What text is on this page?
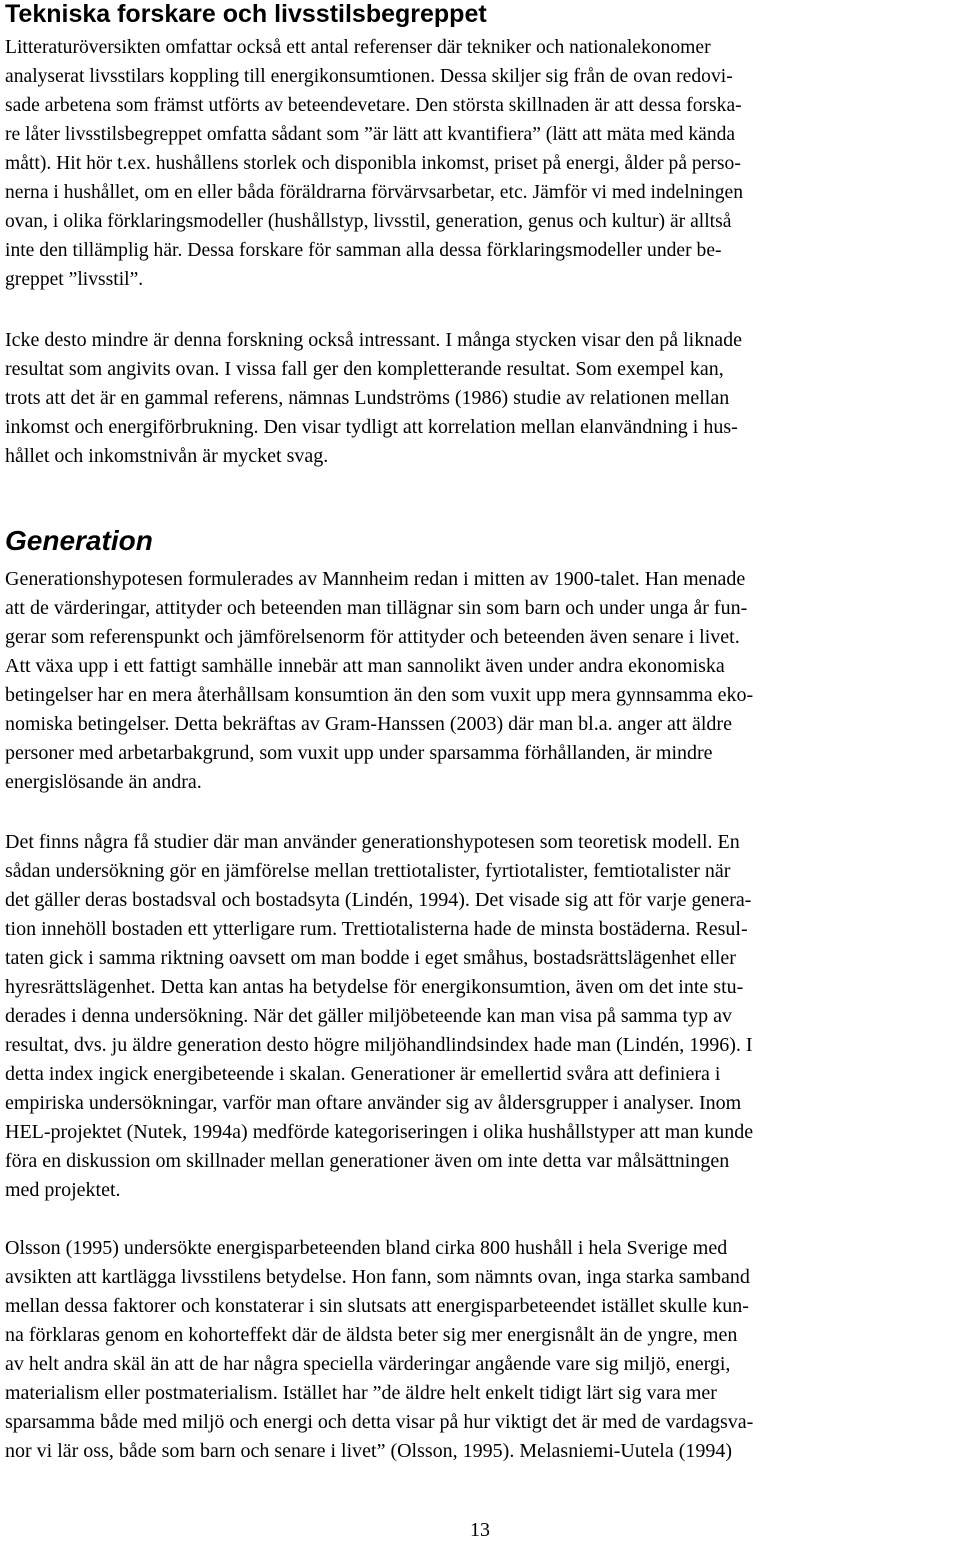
Tekniska forskare och livsstilsbegreppet
Litteraturöversikten omfattar också ett antal referenser där tekniker och nationalekonomer
analyserat livsstilars koppling till energikonsumtionen. Dessa skiljer sig från de ovan redovi-
sade arbetena som främst utförts av beteendevetare. Den största skillnaden är att dessa forska-
re låter livsstilsbegreppet omfatta sådant som ”är lätt att kvantifiera” (lätt att mäta med kända
mått). Hit hör t.ex. hushållens storlek och disponibla inkomst, priset på energi, ålder på perso-
nerna i hushållet, om en eller båda föräldrarna förvärvsarbetar, etc. Jämför vi med indelningen
ovan, i olika förklaringsmodeller (hushållstyp, livsstil, generation, genus och kultur) är alltså
inte den tillämplig här. Dessa forskare för samman alla dessa förklaringsmodeller under be-
greppet ”livsstil”.
Icke desto mindre är denna forskning också intressant. I många stycken visar den på liknade
resultat som angivits ovan. I vissa fall ger den kompletterande resultat. Som exempel kan,
trots att det är en gammal referens, nämnas Lundströms (1986) studie av relationen mellan
inkomst och energiförbrukning. Den visar tydligt att korrelation mellan elanvändning i hus-
hållet och inkomstnivån är mycket svag.
Generation
Generationshypotesen formulerades av Mannheim redan i mitten av 1900-talet. Han menade
att de värderingar, attityder och beteenden man tillägnar sin som barn och under unga år fun-
gerar som referenspunkt och jämförelsenorm för attityder och beteenden även senare i livet.
Att växa upp i ett fattigt samhälle innebär att man sannolikt även under andra ekonomiska
betingelser har en mera återhållsam konsumtion än den som vuxit upp mera gynnsamma eko-
nomiska betingelser. Detta bekräftas av Gram-Hanssen (2003) där man bl.a. anger att äldre
personer med arbetarbakgrund, som vuxit upp under sparsamma förhållanden, är mindre
energislösande än andra.
Det finns några få studier där man använder generationshypotesen som teoretisk modell. En
sådan undersökning gör en jämförelse mellan trettiotalister, fyrtiotalister, femtiotalister när
det gäller deras bostadsval och bostadsyta (Lindén, 1994). Det visade sig att för varje genera-
tion innehöll bostaden ett ytterligare rum. Trettiotalisterna hade de minsta bostäderna. Resul-
taten gick i samma riktning oavsett om man bodde i eget småhus, bostadsrättslägenhet eller
hyresrättslägenhet. Detta kan antas ha betydelse för energikonsumtion, även om det inte stu-
derades i denna undersökning. När det gäller miljöbeteende kan man visa på samma typ av
resultat, dvs. ju äldre generation desto högre miljöhandlindsindex hade man (Lindén, 1996). I
detta index ingick energibeteende i skalan. Generationer är emellertid svåra att definiera i
empiriska undersökningar, varför man oftare använder sig av åldersgrupper i analyser. Inom
HEL-projektet (Nutek, 1994a) medförde kategoriseringen i olika hushållstyper att man kunde
föra en diskussion om skillnader mellan generationer även om inte detta var målsättningen
med projektet.
Olsson (1995) undersökte energisparbeteenden bland cirka 800 hushåll i hela Sverige med
avsikten att kartlägga livsstilens betydelse. Hon fann, som nämnts ovan, inga starka samband
mellan dessa faktorer och konstaterar i sin slutsats att energisparbeteendet istället skulle kun-
na förklaras genom en kohorteffekt där de äldsta beter sig mer energisnålt än de yngre, men
av helt andra skäl än att de har några speciella värderingar angående vare sig miljö, energi,
materialism eller postmaterialism. Istället har ”de äldre helt enkelt tidigt lärt sig vara mer
sparsamma både med miljö och energi och detta visar på hur viktigt det är med de vardagsva-
nor vi lär oss, både som barn och senare i livet” (Olsson, 1995). Melasniemi-Uutela (1994)
13
